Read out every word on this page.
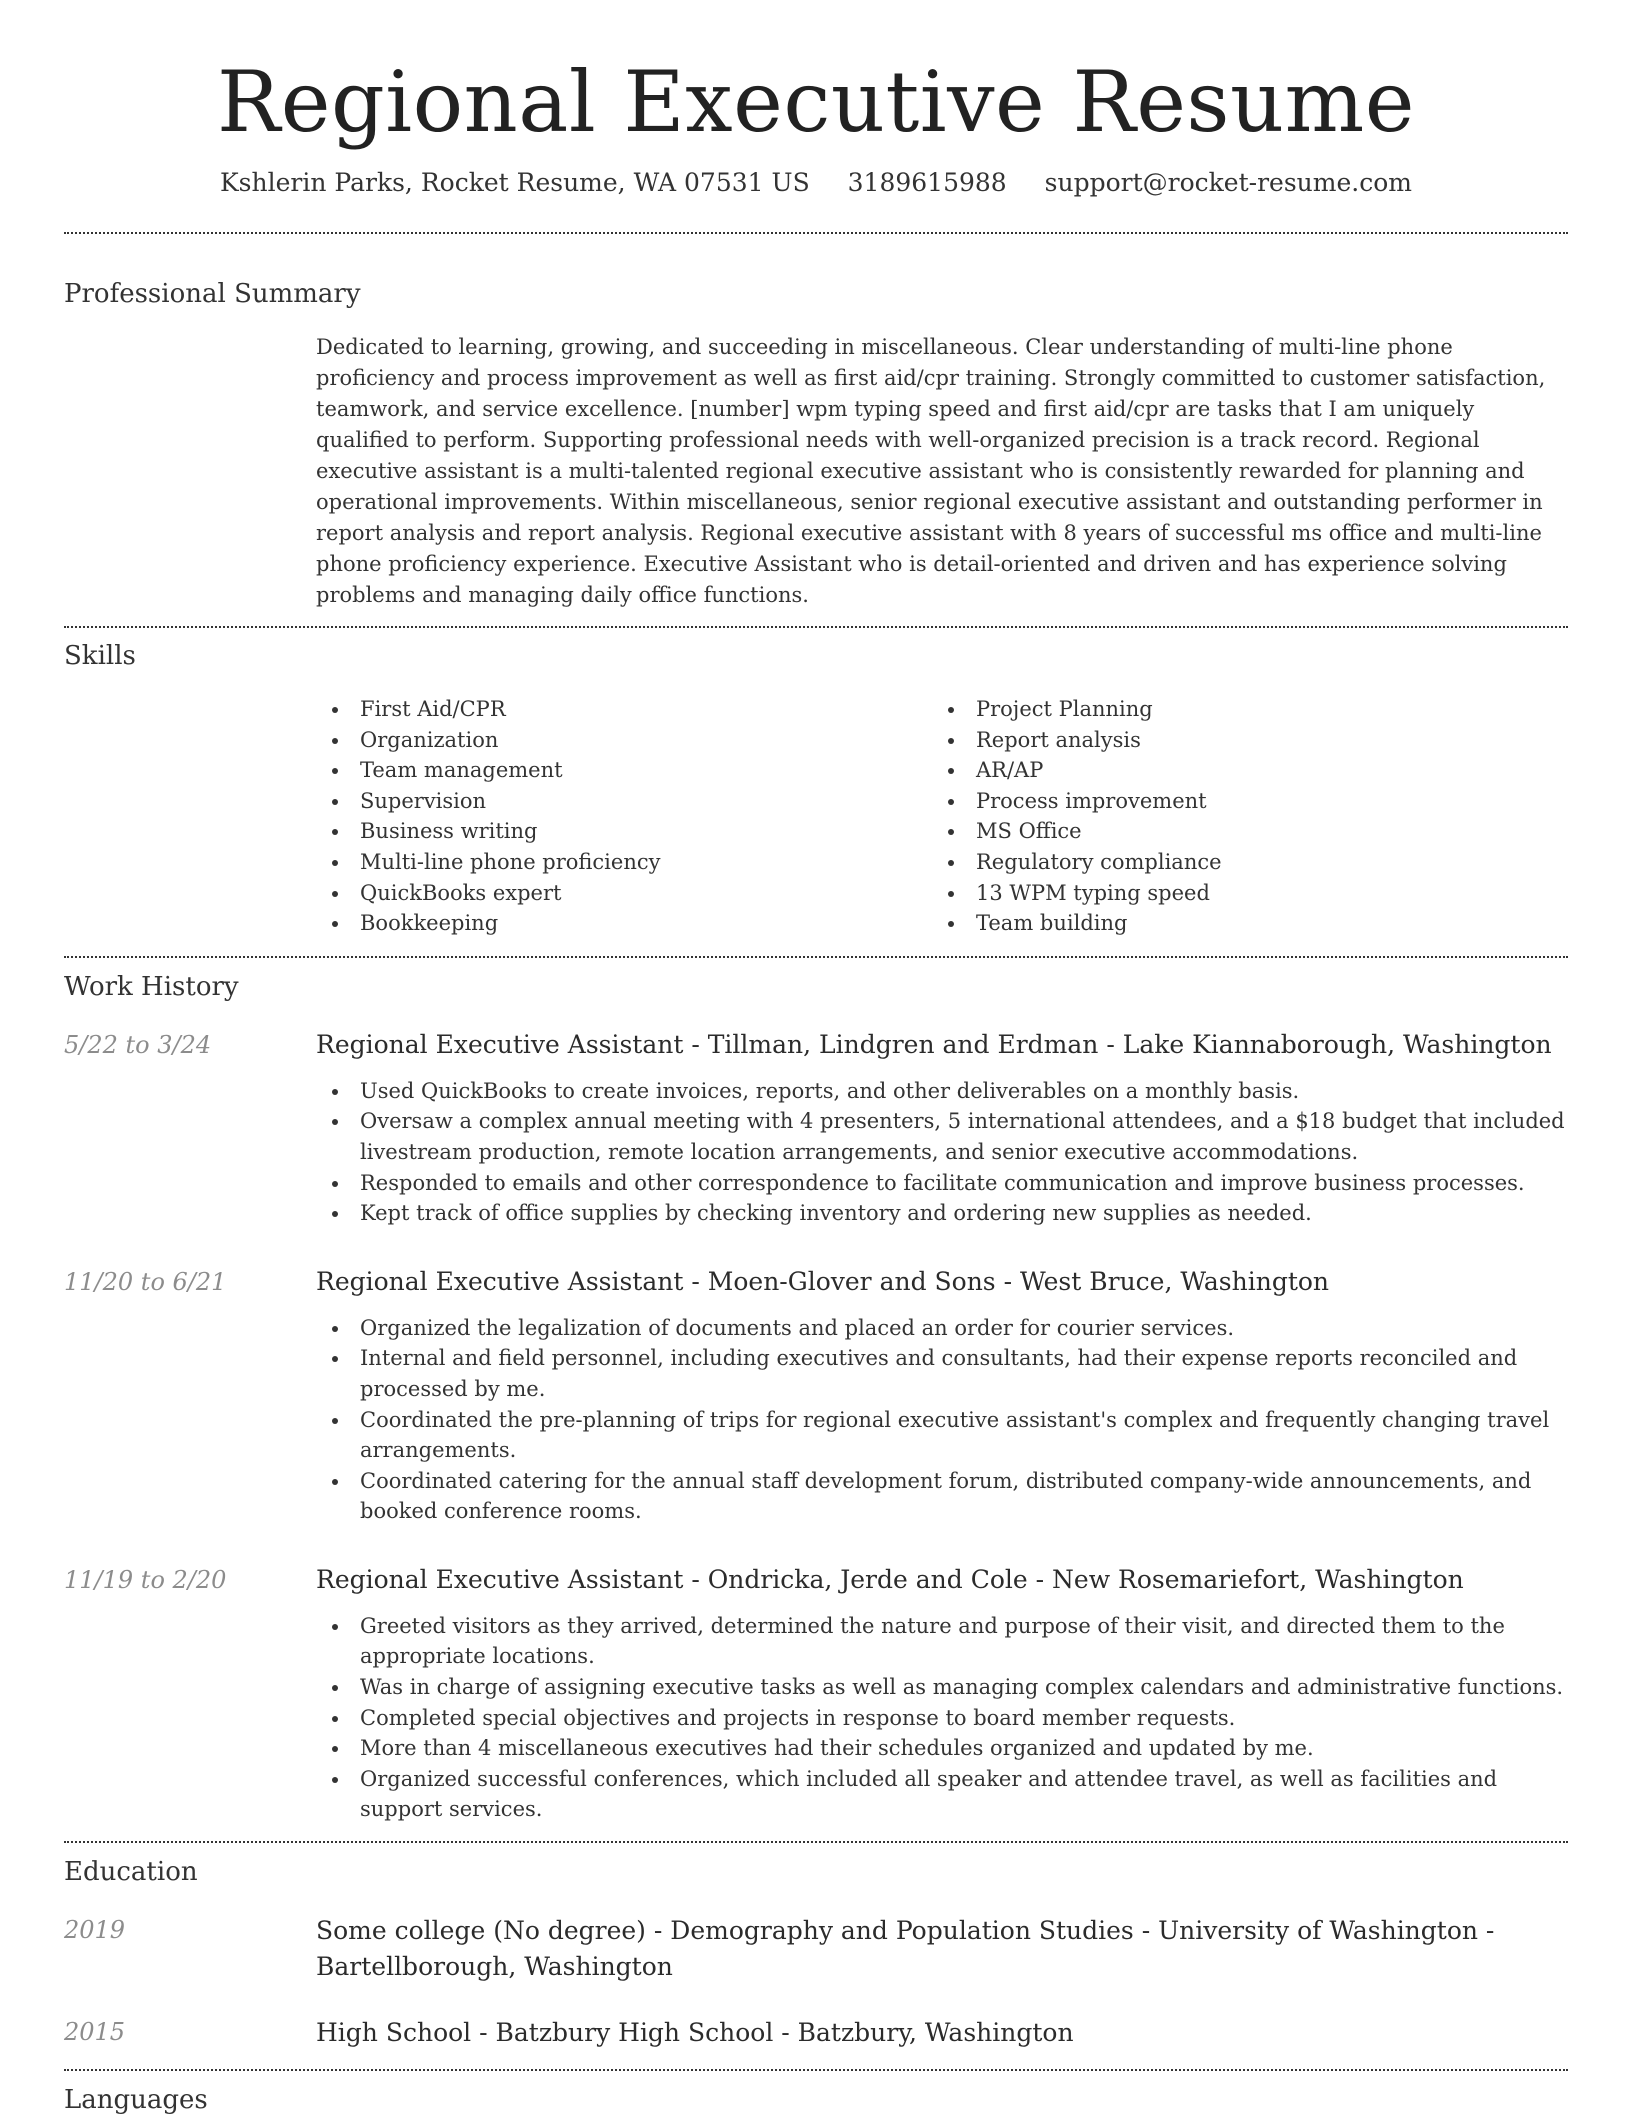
Regional Executive Resume
Kshlerin Parks, Rocket Resume, WA 07531 US 3189615988 support@rocket-resume.com
Professional Summary
Dedicated to learning, growing, and succeeding in miscellaneous. Clear understanding of multi-line phone proficiency and process improvement as well as first aid/cpr training. Strongly committed to customer satisfaction, teamwork, and service excellence. [number] wpm typing speed and first aid/cpr are tasks that I am uniquely qualified to perform. Supporting professional needs with well-organized precision is a track record. Regional executive assistant is a multi-talented regional executive assistant who is consistently rewarded for planning and operational improvements. Within miscellaneous, senior regional executive assistant and outstanding performer in report analysis and report analysis. Regional executive assistant with 8 years of successful ms office and multi-line phone proficiency experience. Executive Assistant who is detail-oriented and driven and has experience solving problems and managing daily office functions.
Skills
First Aid/CPR
Organization
Team management
Supervision
Business writing
Multi-line phone proficiency
QuickBooks expert
Bookkeeping
Project Planning
Report analysis
AR/AP
Process improvement
MS Office
Regulatory compliance
13 WPM typing speed
Team building
Work History
5/22 to 3/24	Regional Executive Assistant - Tillman, Lindgren and Erdman - Lake Kiannaborough, Washington
Used QuickBooks to create invoices, reports, and other deliverables on a monthly basis.
Oversaw a complex annual meeting with 4 presenters, 5 international attendees, and a $18 budget that included livestream production, remote location arrangements, and senior executive accommodations.
Responded to emails and other correspondence to facilitate communication and improve business processes.
Kept track of office supplies by checking inventory and ordering new supplies as needed.
11/20 to 6/21	Regional Executive Assistant - Moen-Glover and Sons - West Bruce, Washington
Organized the legalization of documents and placed an order for courier services.
Internal and field personnel, including executives and consultants, had their expense reports reconciled and processed by me.
Coordinated the pre-planning of trips for regional executive assistant's complex and frequently changing travel arrangements.
Coordinated catering for the annual staff development forum, distributed company-wide announcements, and booked conference rooms.
11/19 to 2/20	Regional Executive Assistant - Ondricka, Jerde and Cole - New Rosemariefort, Washington
Greeted visitors as they arrived, determined the nature and purpose of their visit, and directed them to the appropriate locations.
Was in charge of assigning executive tasks as well as managing complex calendars and administrative functions.
Completed special objectives and projects in response to board member requests.
More than 4 miscellaneous executives had their schedules organized and updated by me.
Organized successful conferences, which included all speaker and attendee travel, as well as facilities and support services.
Education
2019	Some college (No degree) - Demography and Population Studies - University of Washington - Bartellborough, Washington
2015	High School - Batzbury High School - Batzbury, Washington
Languages
